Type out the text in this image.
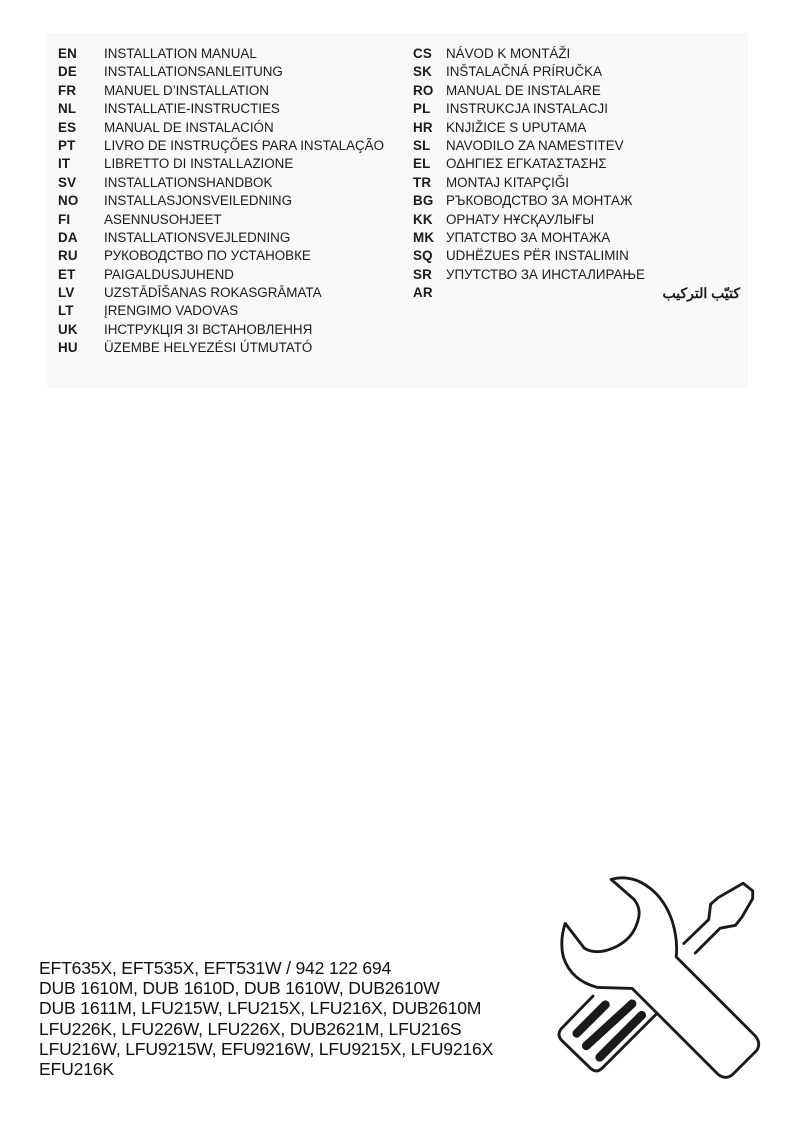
EN INSTALLATION MANUAL
DE INSTALLATIONSANLEITUNG
FR MANUEL D’INSTALLATION
NL INSTALLATIE-INSTRUCTIES
ES MANUAL DE INSTALACIÓN
PT LIVRO DE INSTRUÇÕES PARA INSTALAÇÃO
IT	LIBRETTO DI INSTALLAZIONE
SV INSTALLATIONSHANDBOK
NO INSTALLASJONSVEILEDNING
FI	ASENNUSOHJEET
DA INSTALLATIONSVEJLEDNING
RU РУКОВОДСТВО ПО УСТАНОВКЕ
ET PAIGALDUSJUHEND
LV UZSTĀDĪŠANAS ROKASGRĀMATA
LT ĮRENGIMO VADOVAS
UK ІНСТРУКЦІЯ ЗІ ВСТАНОВЛЕННЯ
HU ÜZEMBE HELYEZÉSI ÚTMUTATÓ
CS NÁVOD K MONTÁŽI
SK INŠTALAČNÁ PRÍRUČKA
RO MANUAL DE INSTALARE
PL INSTRUKCJA INSTALACJI
HR KNJIŽICE S UPUTAMA
SL NAVODILO ZA NAMESTITEV
EL ΟΔΗΓΙΕΣ ΕΓΚΑΤΑΣΤΑΣΗΣ
TR MONTAJ KITAPÇIĞI
BG РЪКОВОДСТВО ЗА МОНТАЖ
KK ОРНАТУ НҰСҚАУЛЫҒЫ
MK УПАТСТВО ЗА МОНТАЖА
SQ UDHËZUES PËR INSTALIMIN
SR УПУТСТВО ЗА ИНСТАЛИРАЊЕ
AR	كتيّب التركيب
EFT635X, EFT535X, EFT531W / 942 122 694
DUB 1610M, DUB 1610D, DUB 1610W, DUB2610W
DUB 1611M, LFU215W, LFU215X, LFU216X, DUB2610M
LFU226K, LFU226W, LFU226X, DUB2621M, LFU216S
LFU216W, LFU9215W, EFU9216W, LFU9215X, LFU9216X
EFU216K
